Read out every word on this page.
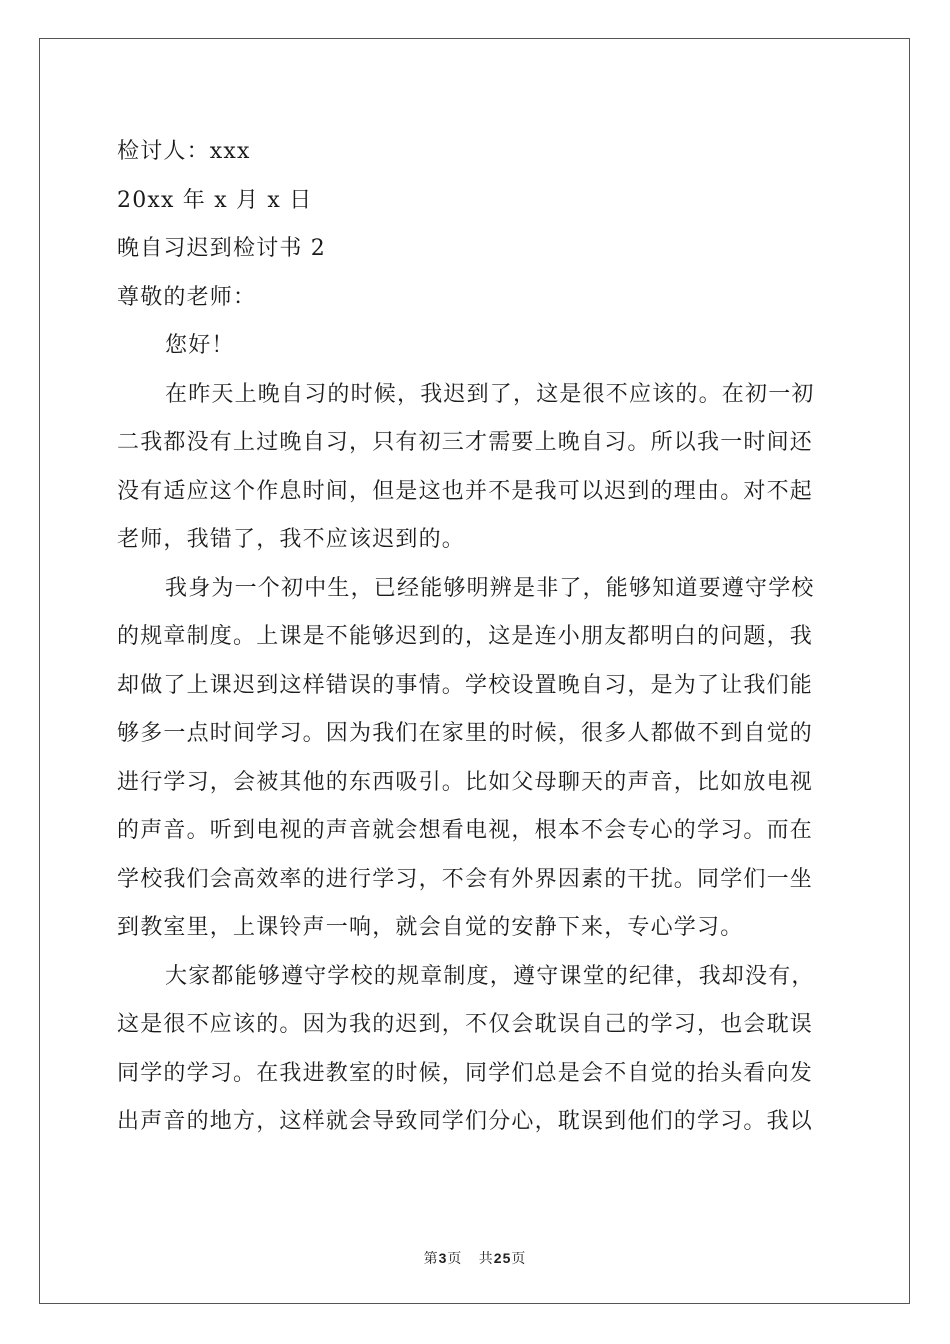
检讨人：xxx
20xx 年 x 月 x 日
晚自习迟到检讨书 2
尊敬的老师：
您好！
在昨天上晚自习的时候，我迟到了，这是很不应该的。在初一初
二我都没有上过晚自习，只有初三才需要上晚自习。所以我一时间还
没有适应这个作息时间，但是这也并不是我可以迟到的理由。对不起
老师，我错了，我不应该迟到的。
我身为一个初中生，已经能够明辨是非了，能够知道要遵守学校
的规章制度。上课是不能够迟到的，这是连小朋友都明白的问题，我
却做了上课迟到这样错误的事情。学校设置晚自习，是为了让我们能
够多一点时间学习。因为我们在家里的时候，很多人都做不到自觉的
进行学习，会被其他的东西吸引。比如父母聊天的声音，比如放电视
的声音。听到电视的声音就会想看电视，根本不会专心的学习。而在
学校我们会高效率的进行学习，不会有外界因素的干扰。同学们一坐
到教室里，上课铃声一响，就会自觉的安静下来，专心学习。
大家都能够遵守学校的规章制度，遵守课堂的纪律，我却没有，
这是很不应该的。因为我的迟到，不仅会耽误自己的学习，也会耽误
同学的学习。在我进教室的时候，同学们总是会不自觉的抬头看向发
出声音的地方，这样就会导致同学们分心，耽误到他们的学习。我以
第3页 共25页
